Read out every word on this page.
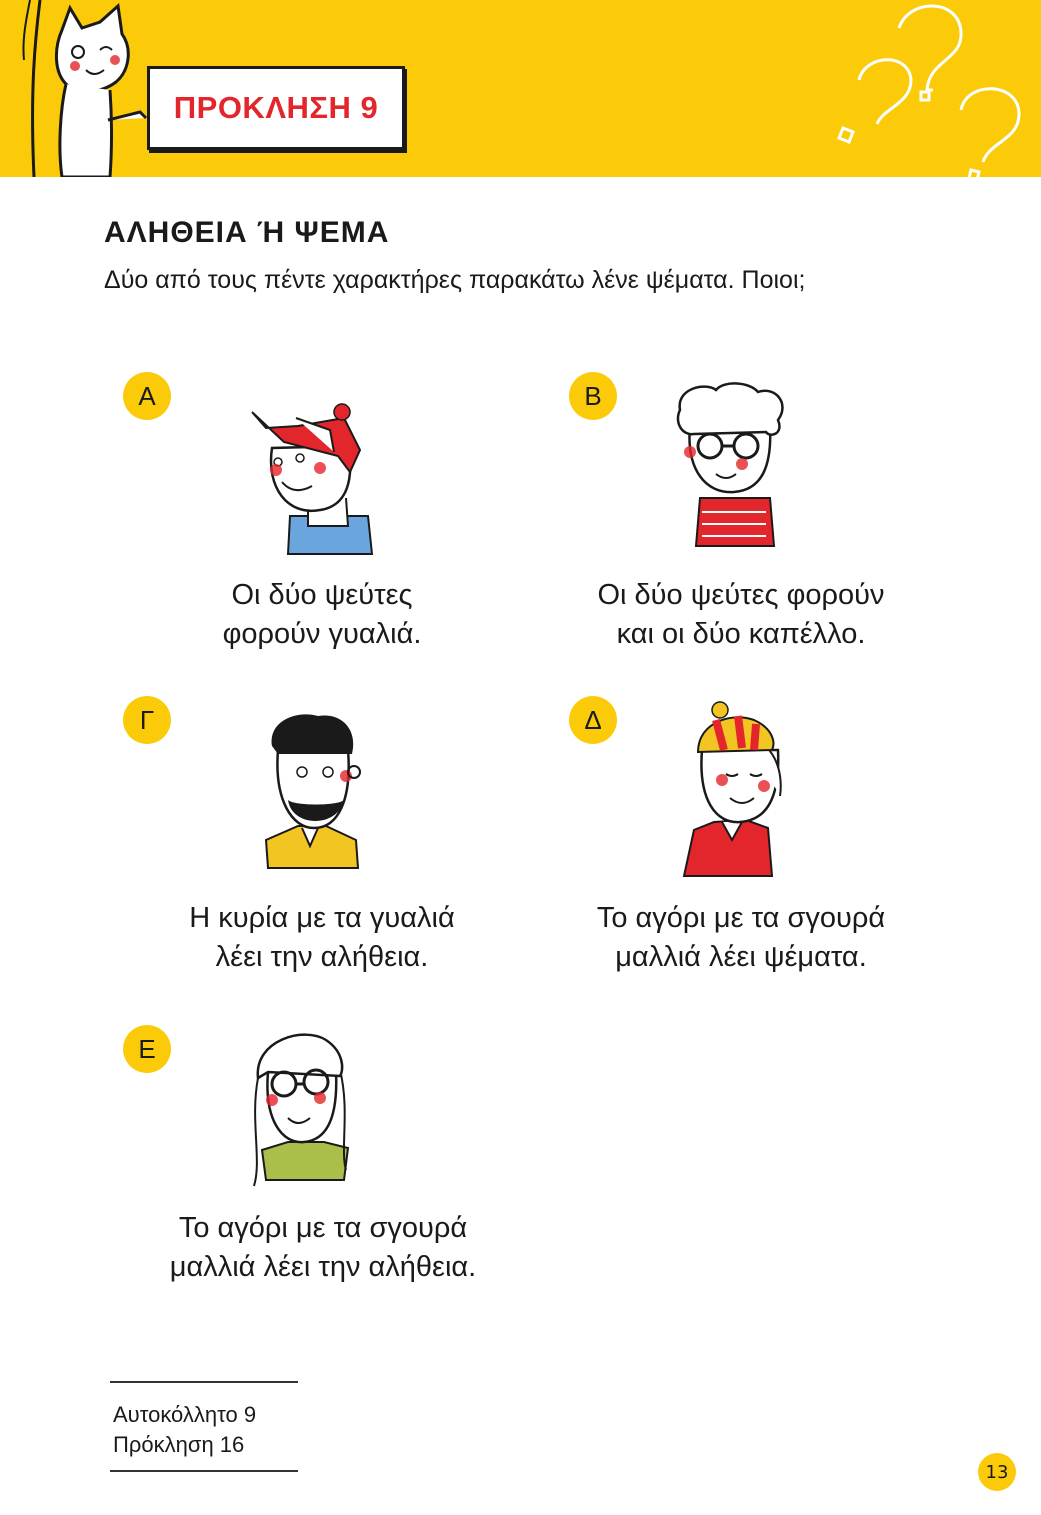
ΠΡΟΚΛΗΣΗ 9
ΑΛΗΘΕΙΑ Ή ΨΕΜΑ
Δύο από τους πέντε χαρακτήρες παρακάτω λένε ψέματα. Ποιοι;
Α
Οι δύο ψεύτες
φορούν γυαλιά.
Β
Οι δύο ψεύτες φορούν
και οι δύο καπέλλο.
Γ
Η κυρία με τα γυαλιά
λέει την αλήθεια.
Δ
Το αγόρι με τα σγουρά
μαλλιά λέει ψέματα.
Ε
Το αγόρι με τα σγουρά
μαλλιά λέει την αλήθεια.
Αυτοκόλλητο 9
Πρόκληση 16
13
